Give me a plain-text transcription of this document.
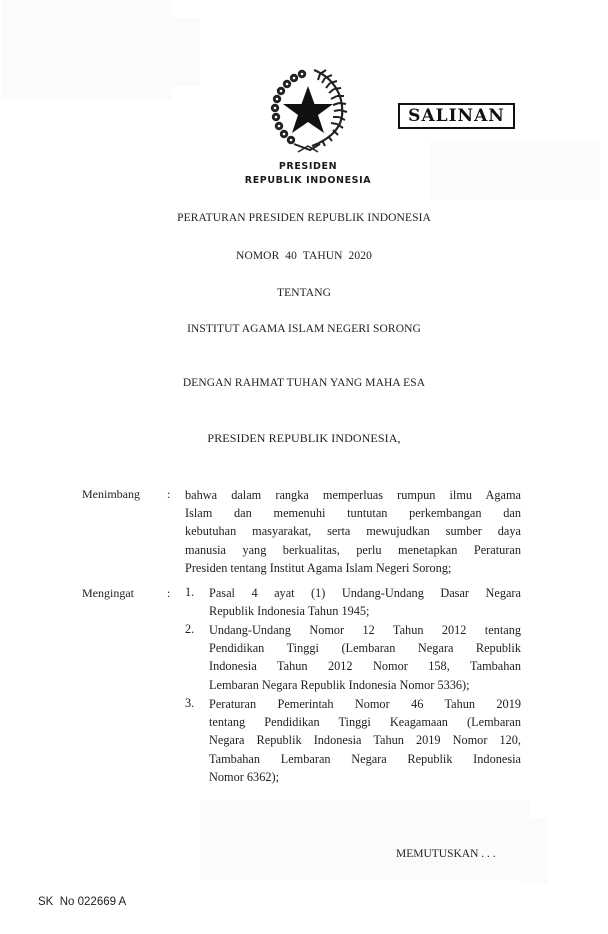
PRESIDEN
REPUBLIK INDONESIA
SALINAN
PERATURAN PRESIDEN REPUBLIK INDONESIA
NOMOR  40  TAHUN  2020
TENTANG
INSTITUT AGAMA ISLAM NEGERI SORONG
DENGAN RAHMAT TUHAN YANG MAHA ESA
PRESIDEN REPUBLIK INDONESIA,
Menimbang : bahwa dalam rangka memperluas rumpun ilmu Agama
Islam dan memenuhi tuntutan perkembangan dan
kebutuhan masyarakat, serta mewujudkan sumber daya
manusia yang berkualitas, perlu menetapkan Peraturan
Presiden tentang Institut Agama Islam Negeri Sorong;
Mengingat	: 1. Pasal 4 ayat (1) Undang-Undang Dasar Negara
Republik Indonesia Tahun 1945;
2. Undang-Undang Nomor 12 Tahun 2012 tentang
Pendidikan Tinggi (Lembaran Negara Republik
Indonesia Tahun 2012 Nomor 158, Tambahan
Lembaran Negara Republik Indonesia Nomor 5336);
3. Peraturan Pemerintah Nomor 46 Tahun 2019
tentang Pendidikan Tinggi Keagamaan (Lembaran
Negara Republik Indonesia Tahun 2019 Nomor 120,
Tambahan Lembaran Negara Republik Indonesia
Nomor 6362);
MEMUTUSKAN . . .
SK  No 022669 A
